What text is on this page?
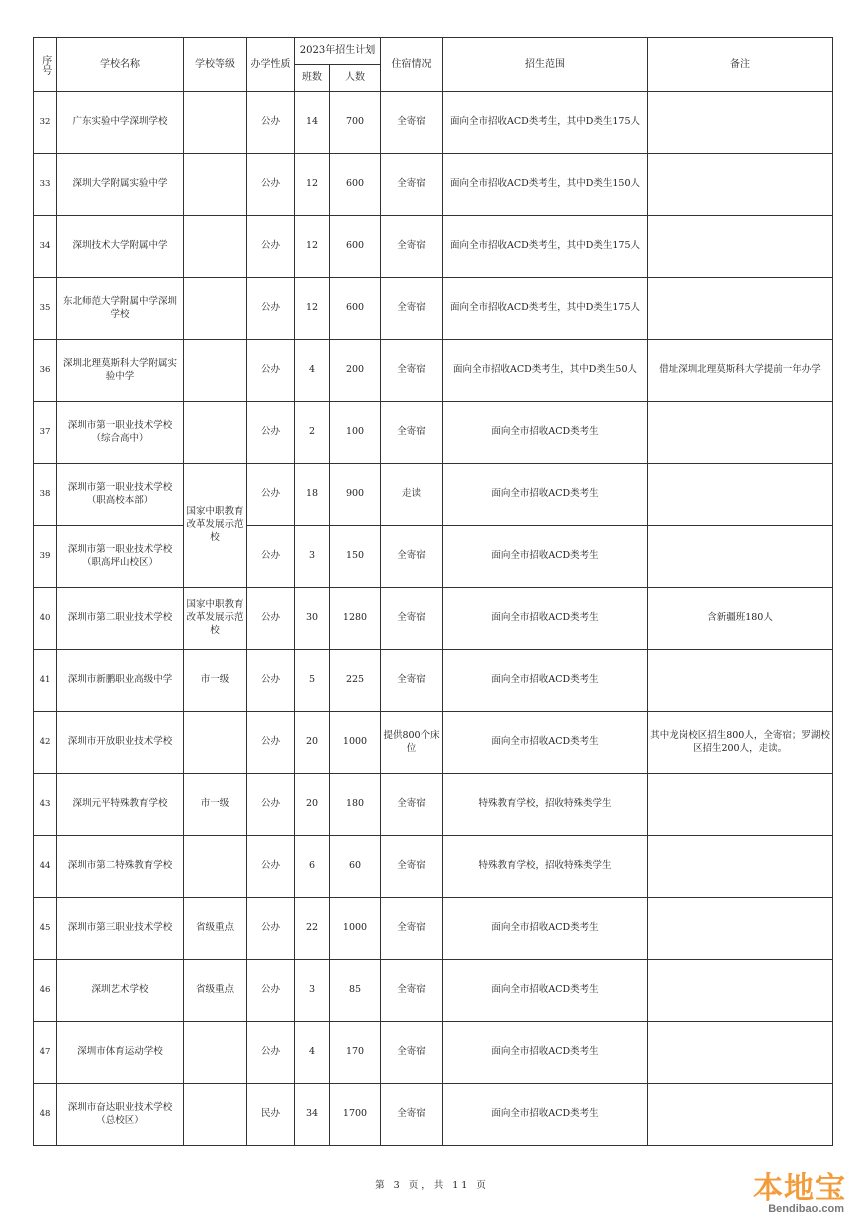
序号	学校名称	学校等级	办学性质	2023年招生计划		住宿情况	招生范围	备注
				班数	人数			
32	广东实验中学深圳学校		公办	14	700	全寄宿	面向全市招收ACD类考生，其中D类生175人	
33	深圳大学附属实验中学		公办	12	600	全寄宿	面向全市招收ACD类考生，其中D类生150人	
34	深圳技术大学附属中学		公办	12	600	全寄宿	面向全市招收ACD类考生，其中D类生175人	
35	东北师范大学附属中学深圳学校		公办	12	600	全寄宿	面向全市招收ACD类考生，其中D类生175人	
36	深圳北理莫斯科大学附属实验中学		公办	4	200	全寄宿	面向全市招收ACD类考生，其中D类生50人	借址深圳北理莫斯科大学提前一年办学
37	深圳市第一职业技术学校（综合高中）		公办	2	100	全寄宿	面向全市招收ACD类考生	
38	深圳市第一职业技术学校（职高校本部）	国家中职教育改革发展示范校	公办	18	900	走读	面向全市招收ACD类考生	
39	深圳市第一职业技术学校（职高坪山校区）		公办	3	150	全寄宿	面向全市招收ACD类考生	
40	深圳市第二职业技术学校	国家中职教育改革发展示范校	公办	30	1280	全寄宿	面向全市招收ACD类考生	含新疆班180人
41	深圳市新鹏职业高级中学	市一级	公办	5	225	全寄宿	面向全市招收ACD类考生	
42	深圳市开放职业技术学校		公办	20	1000	提供800个床位	面向全市招收ACD类考生	其中龙岗校区招生800人，全寄宿；罗湖校区招生200人，走读。
43	深圳元平特殊教育学校	市一级	公办	20	180	全寄宿	特殊教育学校，招收特殊类学生	
44	深圳市第二特殊教育学校		公办	6	60	全寄宿	特殊教育学校，招收特殊类学生	
45	深圳市第三职业技术学校	省级重点	公办	22	1000	全寄宿	面向全市招收ACD类考生	
46	深圳艺术学校	省级重点	公办	3	85	全寄宿	面向全市招收ACD类考生	
47	深圳市体育运动学校		公办	4	170	全寄宿	面向全市招收ACD类考生	
48	深圳市奋达职业技术学校（总校区）		民办	34	1700	全寄宿	面向全市招收ACD类考生	
第 3 页，共 11 页	本地宝
Bendibao.com
